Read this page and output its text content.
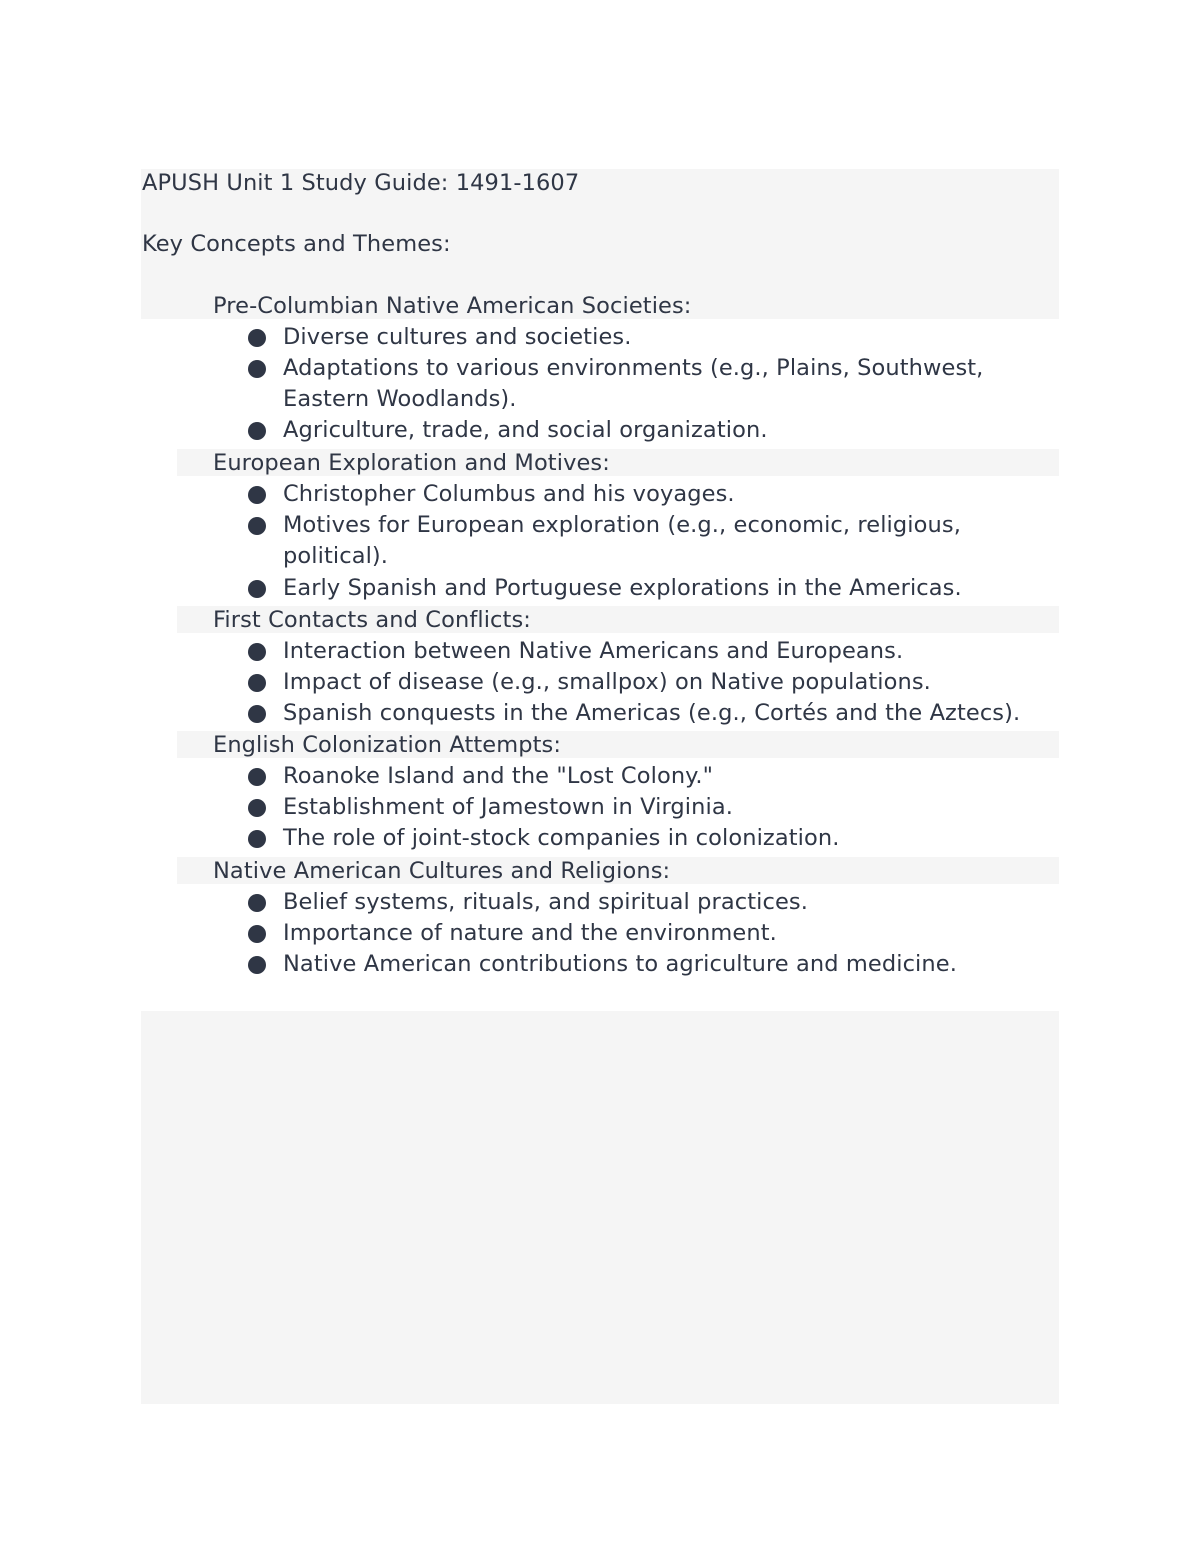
APUSH Unit 1 Study Guide: 1491-1607
Key Concepts and Themes:
Pre-Columbian Native American Societies:
Diverse cultures and societies.
Adaptations to various environments (e.g., Plains, Southwest, Eastern Woodlands).
Agriculture, trade, and social organization.
European Exploration and Motives:
Christopher Columbus and his voyages.
Motives for European exploration (e.g., economic, religious, political).
Early Spanish and Portuguese explorations in the Americas.
First Contacts and Conflicts:
Interaction between Native Americans and Europeans.
Impact of disease (e.g., smallpox) on Native populations.
Spanish conquests in the Americas (e.g., Cortés and the Aztecs).
English Colonization Attempts:
Roanoke Island and the "Lost Colony."
Establishment of Jamestown in Virginia.
The role of joint-stock companies in colonization.
Native American Cultures and Religions:
Belief systems, rituals, and spiritual practices.
Importance of nature and the environment.
Native American contributions to agriculture and medicine.
